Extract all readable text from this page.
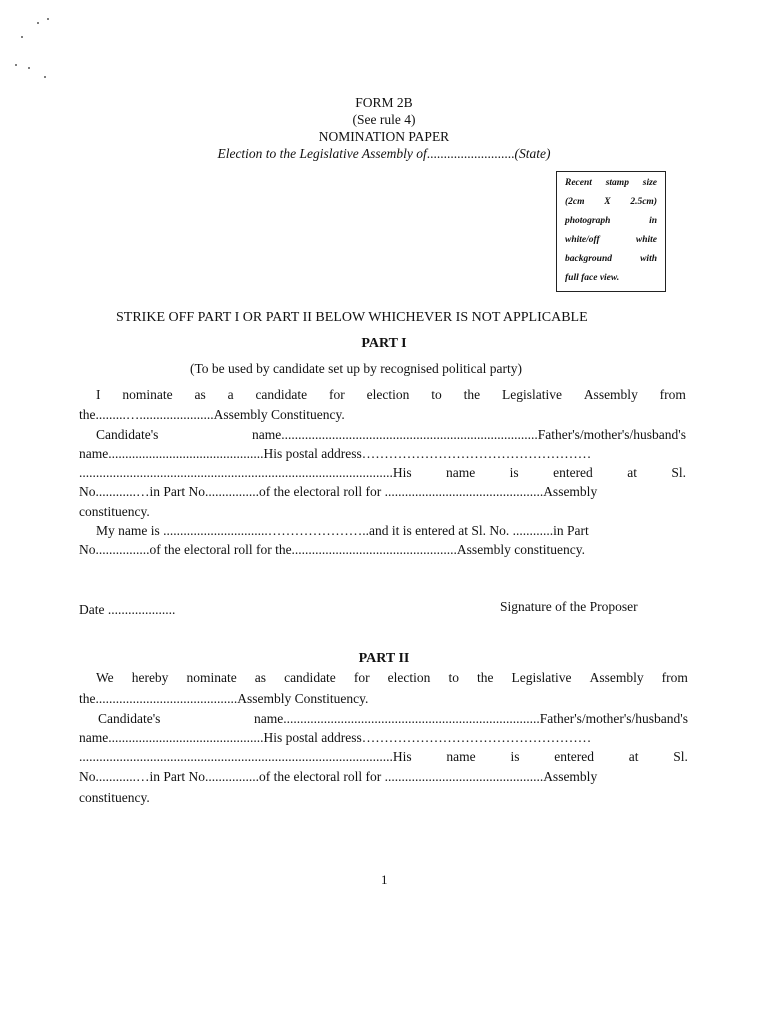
FORM 2B
(See rule 4)
NOMINATION PAPER
Election to the Legislative Assembly of..........................(State)
Recent stamp size
(2cm X 2.5cm)
photograph	in
white/off	white
background	with
full face view.
STRIKE OFF PART I OR PART II BELOW WHICHEVER IS NOT APPLICABLE
PART I
(To be used by candidate set up by recognised political party)
I nominate as a candidate for election to the Legislative Assembly from
the.........…......................Assembly Constituency.
Candidate's	name............................................................................Father's/mother's/husband's
name..............................................His postal address……………………………………………
.............................................................................................His	name	is	entered	at	Sl.
No............…in Part No................of the electoral roll for ...............................................Assembly
constituency.
My name is ...............................…………………..and it is entered at Sl. No. ............in Part
No................of the electoral roll for the.................................................Assembly constituency.
Date ....................	Signature of the Proposer
PART II
We hereby nominate as candidate for election to the Legislative Assembly from
the..........................................Assembly Constituency.
Candidate's	name............................................................................Father's/mother's/husband's
name..............................................His postal address……………………………………………
.............................................................................................His	name	is	entered	at	Sl.
No............…in Part No................of the electoral roll for ...............................................Assembly
constituency.
1
